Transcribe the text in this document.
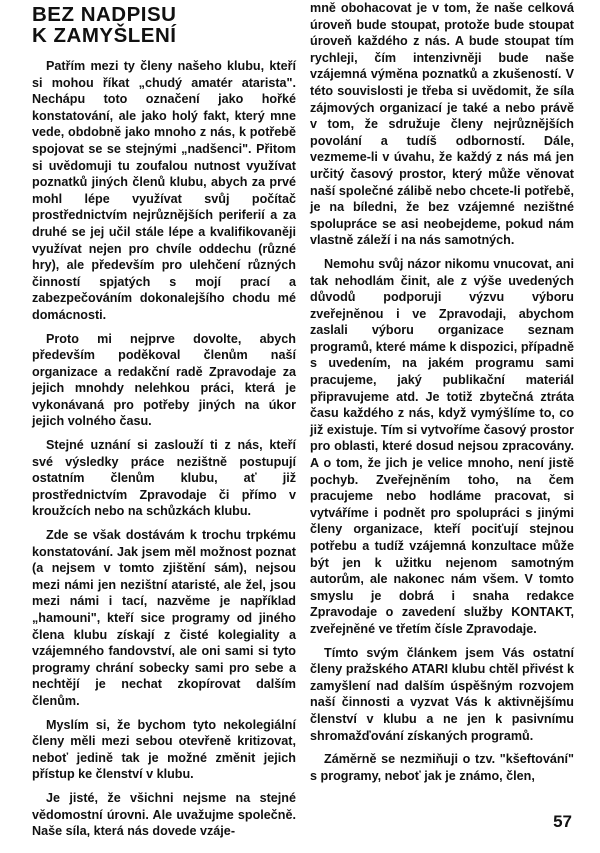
BEZ NADPISU
K ZAMYŠLENÍ

Patřím mezi ty členy našeho klubu, kteří si mohou říkat „chudý amatér atarista". Nechápu toto označení jako hořké konstatování, ale jako holý fakt, který mne vede, obdobně jako mnoho z nás, k potřebě spojovat se se stejnými „nadšenci". Přitom si uvědomuji tu zoufalou nutnost využívat poznatků jiných členů klubu, abych za prvé mohl lépe využívat svůj počítač prostřednictvím nejrůznějších periferií a za druhé se jej učil stále lépe a kvalifikovaněji využívat nejen pro chvíle oddechu (různé hry), ale především pro ulehčení různých činností spjatých s mojí prací a zabezpečováním dokonalejšího chodu mé domácnosti.

Proto mi nejprve dovolte, abych především poděkoval členům naší organizace a redakční radě Zpravodaje za jejich mnohdy nelehkou práci, která je vykonávaná pro potřeby jiných na úkor jejich volného času.

Stejné uznání si zaslouží ti z nás, kteří své výsledky práce nezištně postupují ostatním členům klubu, ať již prostřednictvím Zpravodaje či přímo v kroužcích nebo na schůzkách klubu.

Zde se však dostávám k trochu trpkému konstatování. Jak jsem měl možnost poznat (a nejsem v tomto zjištění sám), nejsou mezi námi jen nezištní ataristé, ale žel, jsou mezi námi i tací, nazvěme je například „hamouni", kteří sice programy od jiného člena klubu získají z čisté kolegiality a vzájemného fandovství, ale oni sami si tyto programy chrání sobecky sami pro sebe a nechtějí je nechat zkopírovat dalším členům.

Myslím si, že bychom tyto nekolegiální členy měli mezi sebou otevřeně kritizovat, neboť jedině tak je možné změnit jejich přístup ke členství v klubu.

Je jisté, že všichni nejsme na stejné vědomostní úrovni. Ale uvažujme společně. Naše síla, která nás dovede vzáje-

mně obohacovat je v tom, že naše celková úroveň bude stoupat, protože bude stoupat úroveň každého z nás. A bude stoupat tím rychleji, čím intenzivněji bude naše vzájemná výměna poznatků a zkušeností. V této souvislosti je třeba si uvědomit, že síla zájmových organizací je také a nebo právě v tom, že sdružuje členy nejrůznějších povolání a tudíš odborností. Dále, vezmeme-li v úvahu, že každý z nás má jen určitý časový prostor, který může věnovat naší společné zálibě nebo chcete-li potřebě, je na bíledni, že bez vzájemné nezištné spolupráce se asi neobejdeme, pokud nám vlastně záleží i na nás samotných.

Nemohu svůj názor nikomu vnucovat, ani tak nehodlám činit, ale z výše uvedených důvodů podporuji výzvu výboru zveřejněnou i ve Zpravodaji, abychom zaslali výboru organizace seznam programů, které máme k dispozici, případně s uvedením, na jakém programu sami pracujeme, jaký publikační materiál připravujeme atd. Je totiž zbytečná ztráta času každého z nás, když vymýšlíme to, co již existuje. Tím si vytvoříme časový prostor pro oblasti, které dosud nejsou zpracovány. A o tom, že jich je velice mnoho, není jistě pochyb. Zveřejněním toho, na čem pracujeme nebo hodláme pracovat, si vytváříme i podnět pro spolupráci s jinými členy organizace, kteří pociťují stejnou potřebu a tudíž vzájemná konzultace může být jen k užitku nejenom samotným autorům, ale nakonec nám všem. V tomto smyslu je dobrá i snaha redakce Zpravodaje o zavedení služby KONTAKT, zveřejněné ve třetím čísle Zpravodaje.

Tímto svým článkem jsem Vás ostatní členy pražského ATARI klubu chtěl přivést k zamyšlení nad dalším úspěšným rozvojem naší činnosti a vyzvat Vás k aktivnějšímu členství v klubu a ne jen k pasivnímu shromažďování získaných programů.

Záměrně se nezmiňuji o tzv. "kšeftování" s programy, neboť jak je známo, člen,

57
